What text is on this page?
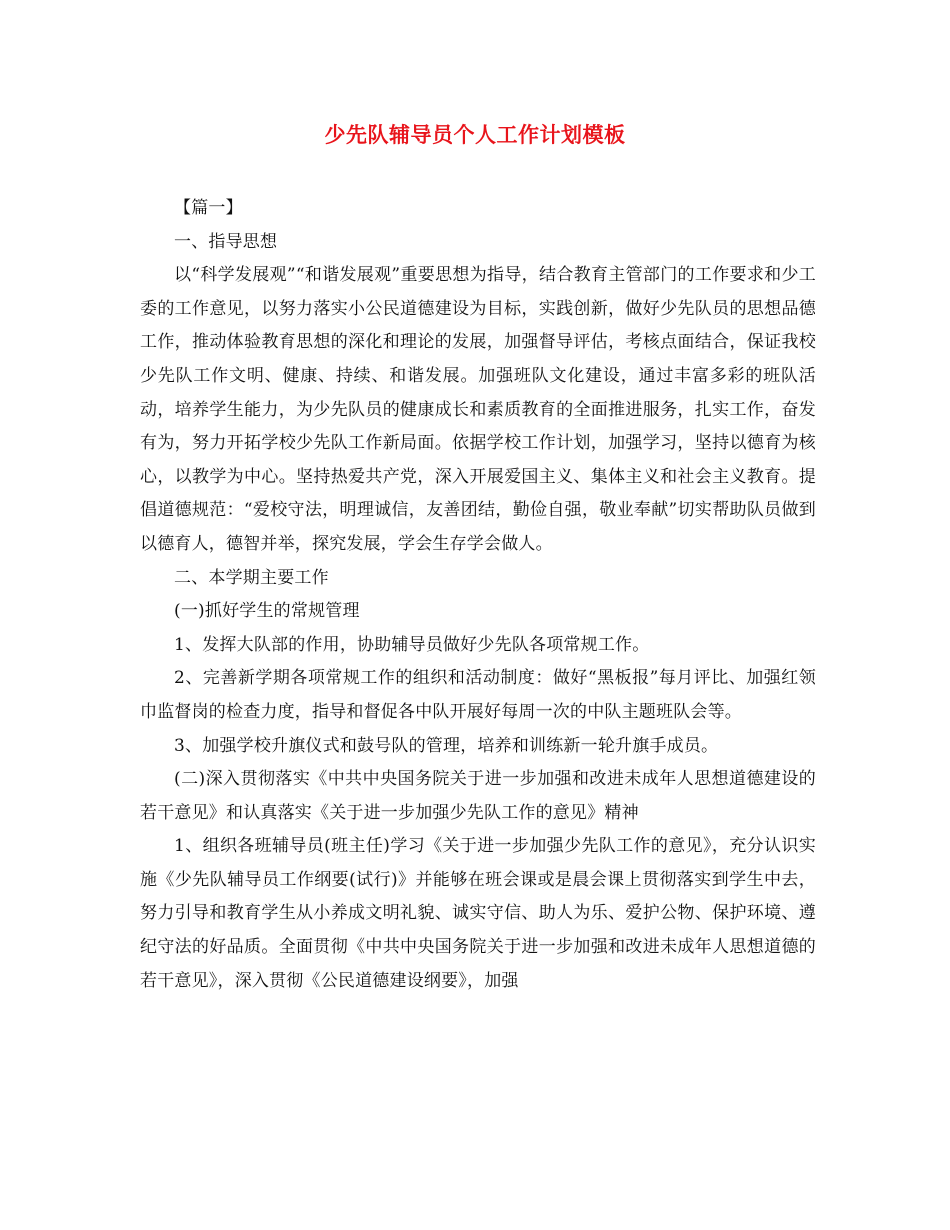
少先队辅导员个人工作计划模板

【篇一】

一、指导思想

以“科学发展观”“和谐发展观”重要思想为指导，结合教育主管部门的工作要求和少工委的工作意见，以努力落实小公民道德建设为目标，实践创新，做好少先队员的思想品德工作，推动体验教育思想的深化和理论的发展，加强督导评估，考核点面结合，保证我校少先队工作文明、健康、持续、和谐发展。加强班队文化建设，通过丰富多彩的班队活动，培养学生能力，为少先队员的健康成长和素质教育的全面推进服务，扎实工作，奋发有为，努力开拓学校少先队工作新局面。依据学校工作计划，加强学习，坚持以德育为核心，以教学为中心。坚持热爱共产党，深入开展爱国主义、集体主义和社会主义教育。提倡道德规范：“爱校守法，明理诚信，友善团结，勤俭自强，敬业奉献”切实帮助队员做到以德育人，德智并举，探究发展，学会生存学会做人。

二、本学期主要工作

(一)抓好学生的常规管理

1、发挥大队部的作用，协助辅导员做好少先队各项常规工作。

2、完善新学期各项常规工作的组织和活动制度：做好“黑板报”每月评比、加强红领巾监督岗的检查力度，指导和督促各中队开展好每周一次的中队主题班队会等。

3、加强学校升旗仪式和鼓号队的管理，培养和训练新一轮升旗手成员。

(二)深入贯彻落实《中共中央国务院关于进一步加强和改进未成年人思想道德建设的若干意见》和认真落实《关于进一步加强少先队工作的意见》精神

1、组织各班辅导员(班主任)学习《关于进一步加强少先队工作的意见》，充分认识实施《少先队辅导员工作纲要(试行)》并能够在班会课或是晨会课上贯彻落实到学生中去，努力引导和教育学生从小养成文明礼貌、诚实守信、助人为乐、爱护公物、保护环境、遵纪守法的好品质。全面贯彻《中共中央国务院关于进一步加强和改进未成年人思想道德的若干意见》，深入贯彻《公民道德建设纲要》，加强
